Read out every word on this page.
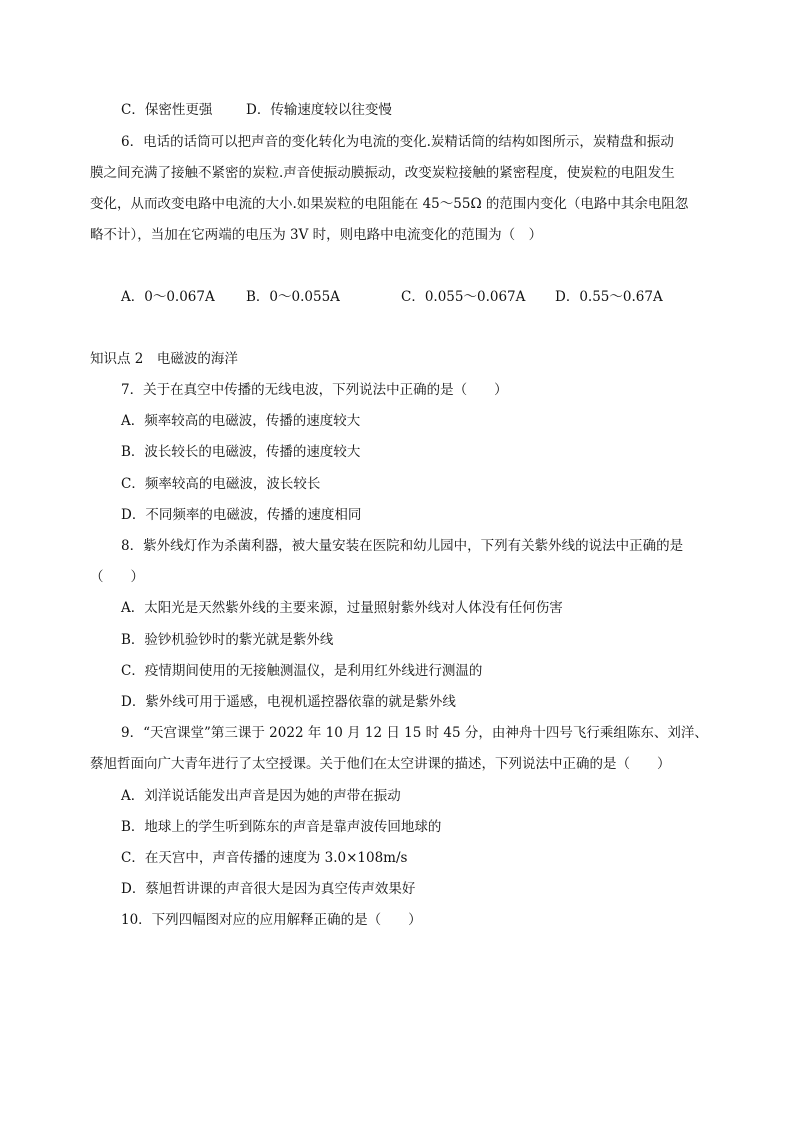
C．保密性更强 D．传输速度较以往变慢
6．电话的话筒可以把声音的变化转化为电流的变化.炭精话筒的结构如图所示，炭精盘和振动
膜之间充满了接触不紧密的炭粒.声音使振动膜振动，改变炭粒接触的紧密程度，使炭粒的电阻发生
变化，从而改变电路中电流的大小.如果炭粒的电阻能在 45～55Ω 的范围内变化（电路中其余电阻忽
略不计），当加在它两端的电压为 3V 时，则电路中电流变化的范围为（　）
A．0～0.067A B．0～0.055A	C．0.055～0.067A D．0.55～0.67A
知识点 2　电磁波的海洋
7．关于在真空中传播的无线电波，下列说法中正确的是（　　）
A．频率较高的电磁波，传播的速度较大
B．波长较长的电磁波，传播的速度较大
C．频率较高的电磁波，波长较长
D．不同频率的电磁波，传播的速度相同
8．紫外线灯作为杀菌利器，被大量安装在医院和幼儿园中，下列有关紫外线的说法中正确的是
（　　）
A．太阳光是天然紫外线的主要来源，过量照射紫外线对人体没有任何伤害
B．验钞机验钞时的紫光就是紫外线
C．疫情期间使用的无接触测温仪，是利用红外线进行测温的
D．紫外线可用于遥感，电视机遥控器依靠的就是紫外线
9．“天宫课堂”第三课于 2022 年 10 月 12 日 15 时 45 分，由神舟十四号飞行乘组陈东、刘洋、
蔡旭哲面向广大青年进行了太空授课。关于他们在太空讲课的描述，下列说法中正确的是（　　）
A．刘洋说话能发出声音是因为她的声带在振动
B．地球上的学生听到陈东的声音是靠声波传回地球的
C．在天宫中，声音传播的速度为 3.0×108m/s
D．蔡旭哲讲课的声音很大是因为真空传声效果好
10．下列四幅图对应的应用解释正确的是（　　）
